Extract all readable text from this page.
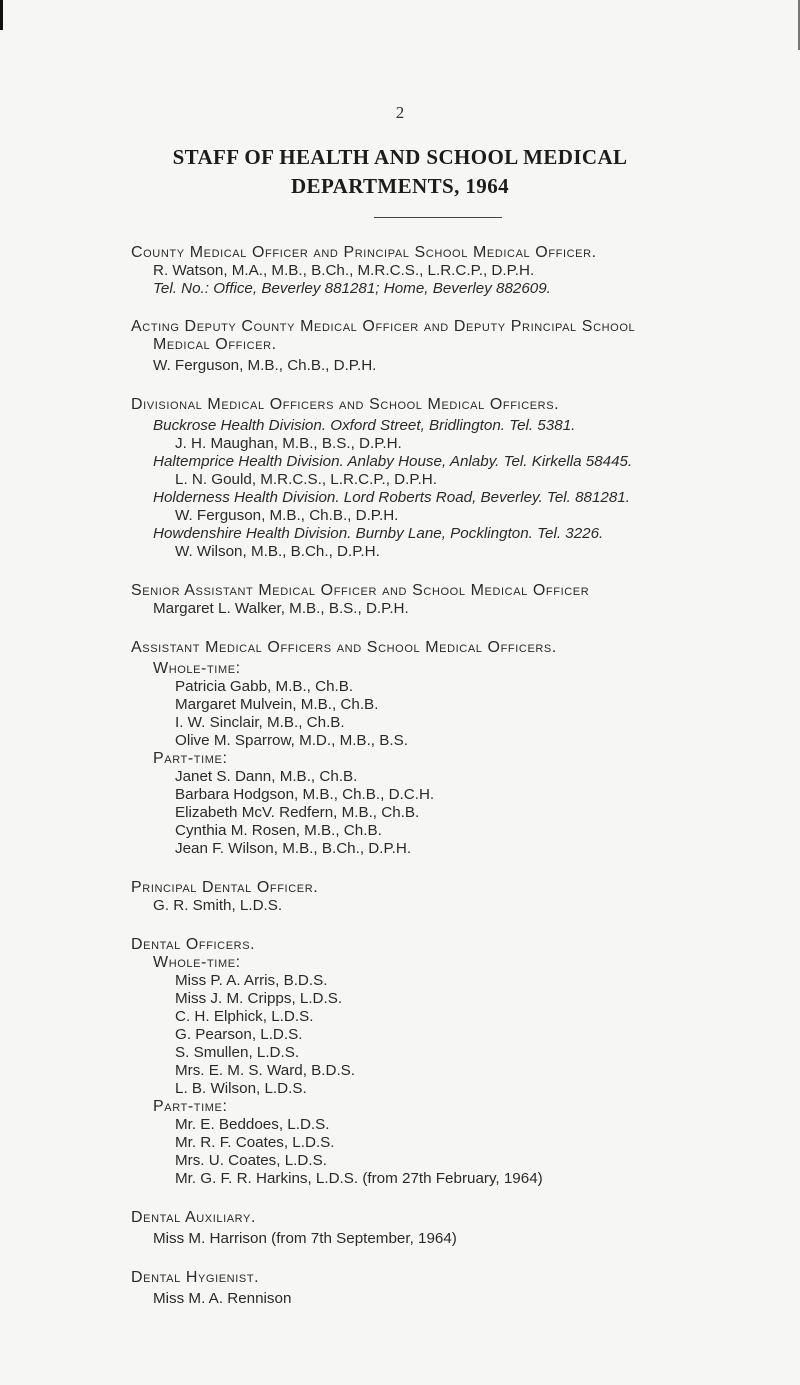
2
STAFF OF HEALTH AND SCHOOL MEDICAL
DEPARTMENTS, 1964
County Medical Officer and Principal School Medical Officer.
R. Watson, M.A., M.B., B.Ch., M.R.C.S., L.R.C.P., D.P.H.
Tel. No.: Office, Beverley 881281; Home, Beverley 882609.
Acting Deputy County Medical Officer and Deputy Principal School
Medical Officer.
W. Ferguson, M.B., Ch.B., D.P.H.
Divisional Medical Officers and School Medical Officers.
Buckrose Health Division. Oxford Street, Bridlington. Tel. 5381.
J. H. Maughan, M.B., B.S., D.P.H.
Haltemprice Health Division. Anlaby House, Anlaby. Tel. Kirkella 58445.
L. N. Gould, M.R.C.S., L.R.C.P., D.P.H.
Holderness Health Division. Lord Roberts Road, Beverley. Tel. 881281.
W. Ferguson, M.B., Ch.B., D.P.H.
Howdenshire Health Division. Burnby Lane, Pocklington. Tel. 3226.
W. Wilson, M.B., B.Ch., D.P.H.
Senior Assistant Medical Officer and School Medical Officer
Margaret L. Walker, M.B., B.S., D.P.H.
Assistant Medical Officers and School Medical Officers.
Whole-time:
Patricia Gabb, M.B., Ch.B.
Margaret Mulvein, M.B., Ch.B.
I. W. Sinclair, M.B., Ch.B.
Olive M. Sparrow, M.D., M.B., B.S.
Part-time:
Janet S. Dann, M.B., Ch.B.
Barbara Hodgson, M.B., Ch.B., D.C.H.
Elizabeth McV. Redfern, M.B., Ch.B.
Cynthia M. Rosen, M.B., Ch.B.
Jean F. Wilson, M.B., B.Ch., D.P.H.
Principal Dental Officer.
G. R. Smith, L.D.S.
Dental Officers.
Whole-time:
Miss P. A. Arris, B.D.S.
Miss J. M. Cripps, L.D.S.
C. H. Elphick, L.D.S.
G. Pearson, L.D.S.
S. Smullen, L.D.S.
Mrs. E. M. S. Ward, B.D.S.
L. B. Wilson, L.D.S.
Part-time:
Mr. E. Beddoes, L.D.S.
Mr. R. F. Coates, L.D.S.
Mrs. U. Coates, L.D.S.
Mr. G. F. R. Harkins, L.D.S. (from 27th February, 1964)
Dental Auxiliary.
Miss M. Harrison (from 7th September, 1964)
Dental Hygienist.
Miss M. A. Rennison
